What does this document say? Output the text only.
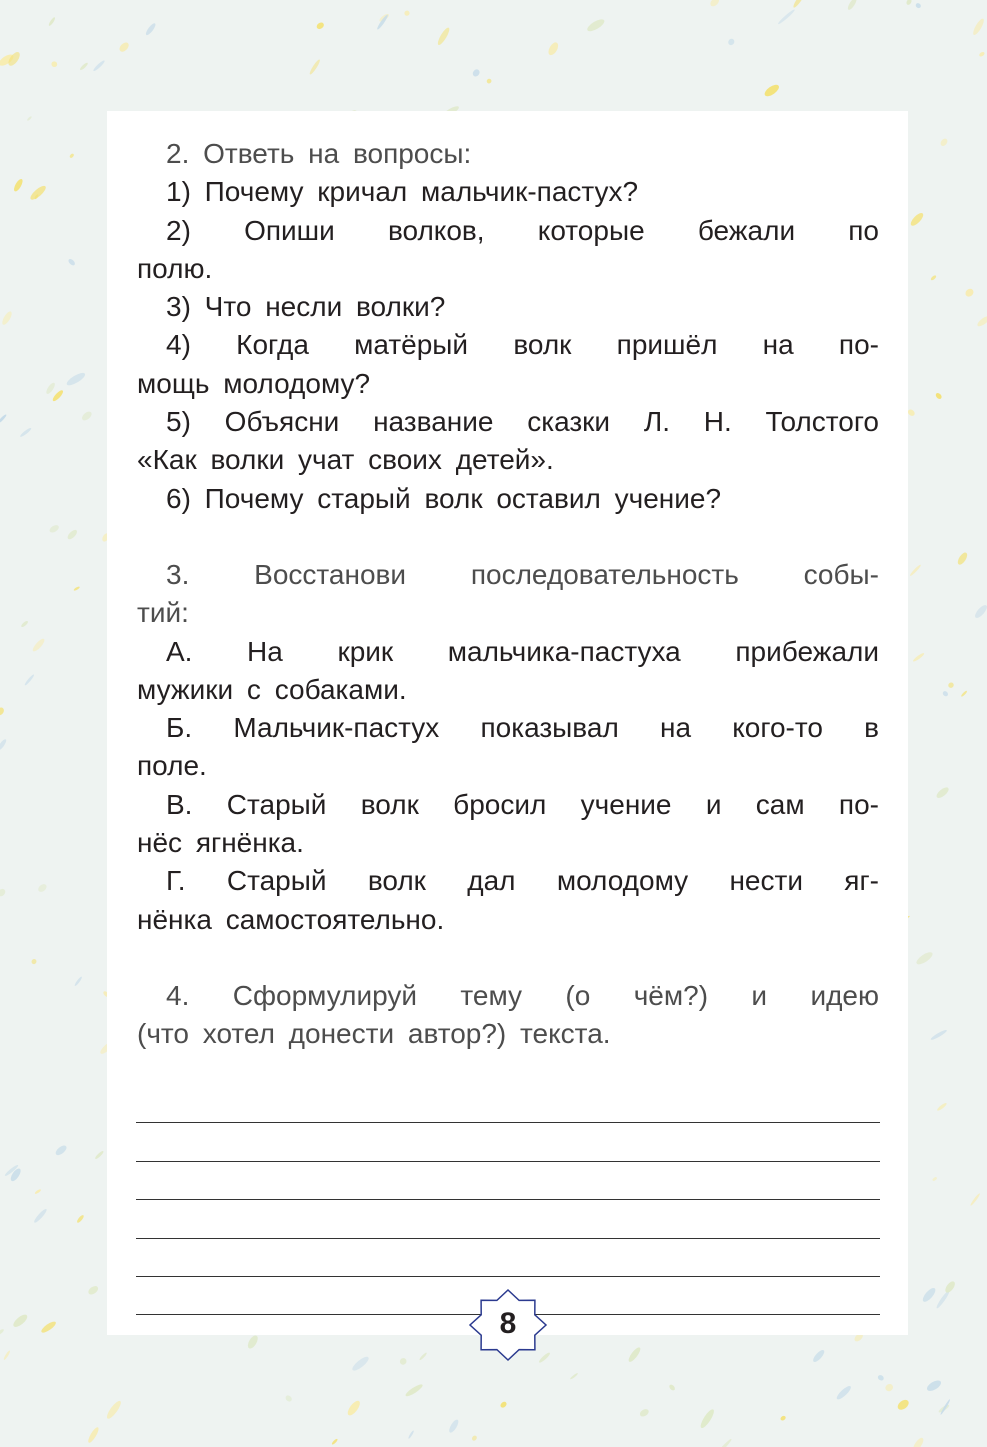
2. Ответь на вопросы:
1) Почему кричал мальчик-пастух?
2) Опиши волков, которые бежали по
полю.
3) Что несли волки?
4) Когда матёрый волк пришёл на по-
мощь молодому?
5) Объясни название сказки Л. Н. Толстого
«Как волки учат своих детей».
6) Почему старый волк оставил учение?
3. Восстанови последовательность собы-
тий:
А. На крик мальчика-пастуха прибежали
мужики с собаками.
Б. Мальчик-пастух показывал на кого-то в
поле.
В. Старый волк бросил учение и сам по-
нёс ягнёнка.
Г. Старый волк дал молодому нести яг-
нёнка самостоятельно.
4. Сформулируй тему (о чём?) и идею
(что хотел донести автор?) текста.
8
